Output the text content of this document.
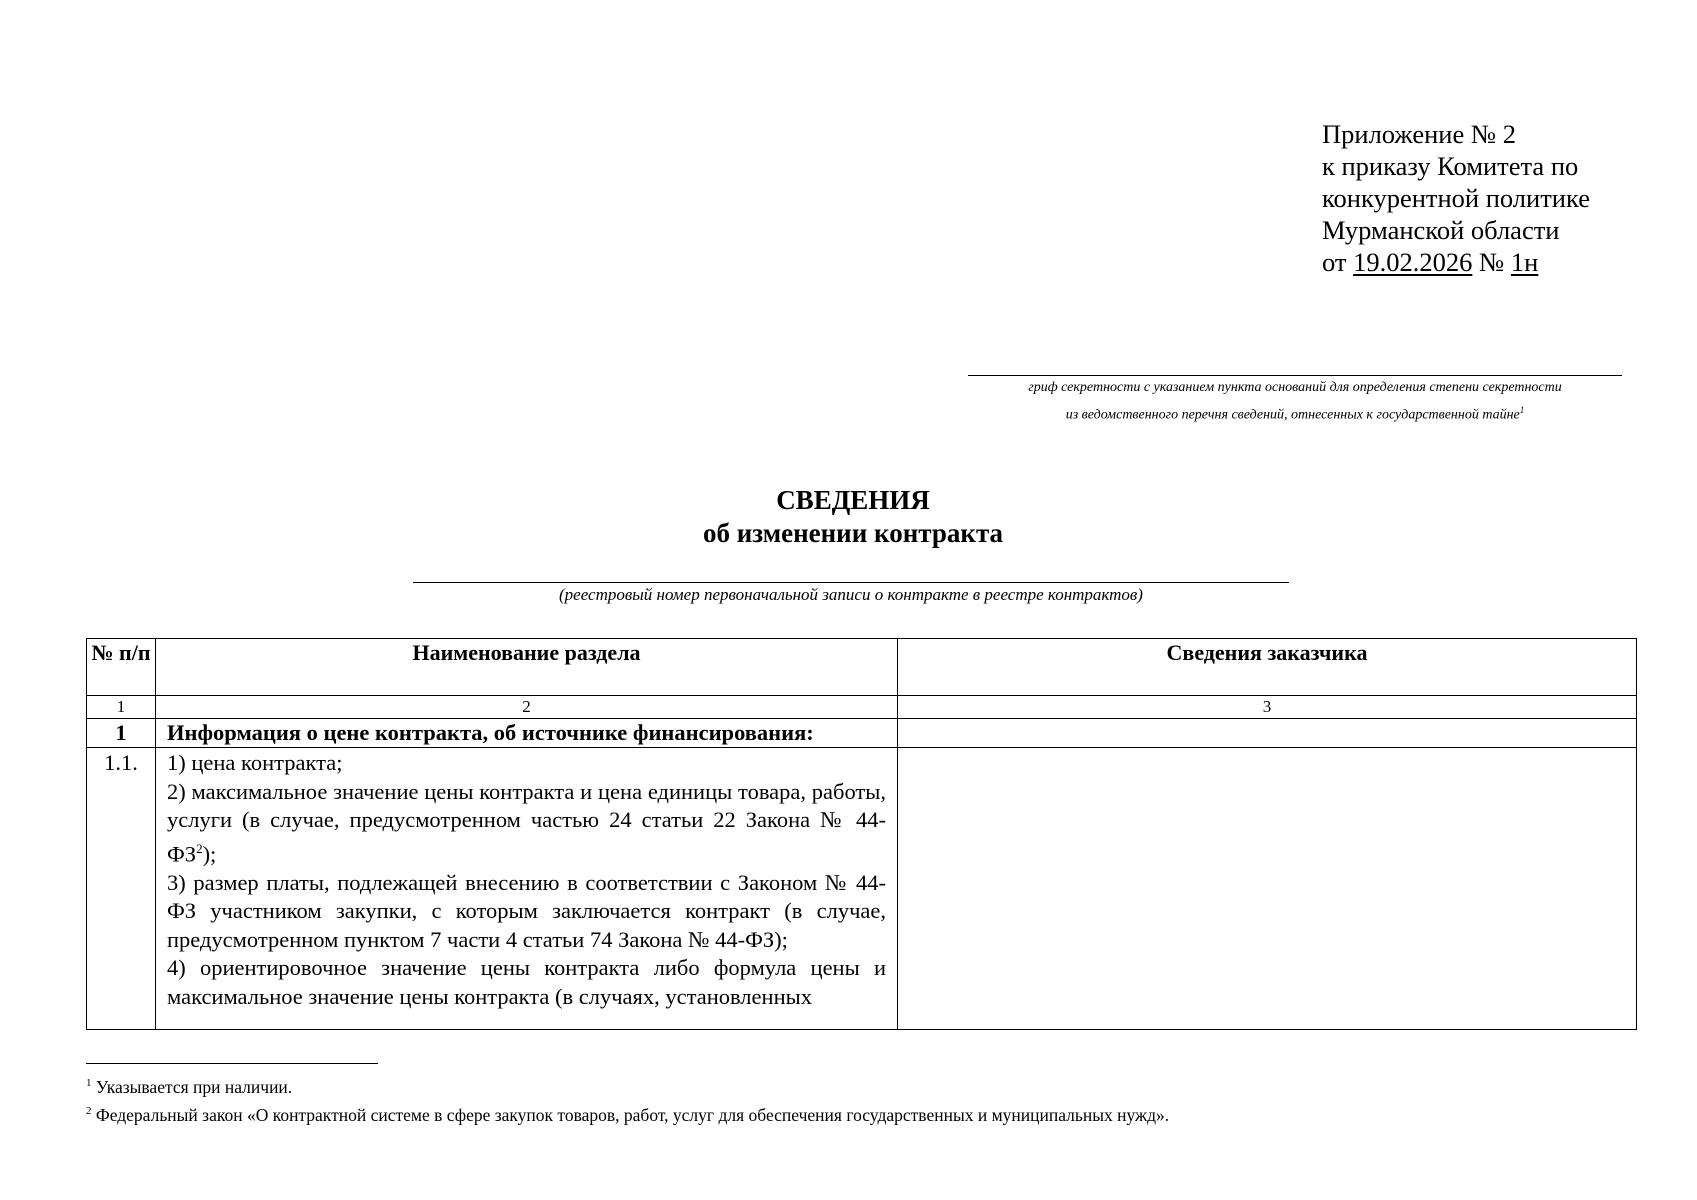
Приложение № 2
к приказу Комитета по
конкурентной политике
Мурманской области
от 19.02.2026 № 1н
гриф секретности с указанием пункта оснований для определения степени секретности
из ведомственного перечня сведений, отнесенных к государственной тайне$^1$
СВЕДЕНИЯ
об изменении контракта
(реестровый номер первоначальной записи о контракте в реестре контрактов)
№ п/п	Наименование раздела	Сведения заказчика
1	2	3
1	Информация о цене контракта, об источнике финансирования:	
1.1.	1) цена контракта;

2) максимальное значение цены контракта и цена единицы товара, работы, услуги (в случае, предусмотренном частью 24 статьи 22 Закона № $44-ФЗ^2$);

3) размер платы, подлежащей внесению в соответствии с Законом № 44-ФЗ участником закупки, с которым заключается контракт (в случае, предусмотренном пунктом 7 части 4 статьи 74 Закона № 44-ФЗ);

4) ориентировочное значение цены контракта либо формула цены и максимальное значение цены контракта (в случаях, установленных	

$^1$ Указывается при наличии.
$^2$ Федеральный закон «О контрактной системе в сфере закупок товаров, работ, услуг для обеспечения государственных и муниципальных нужд».
